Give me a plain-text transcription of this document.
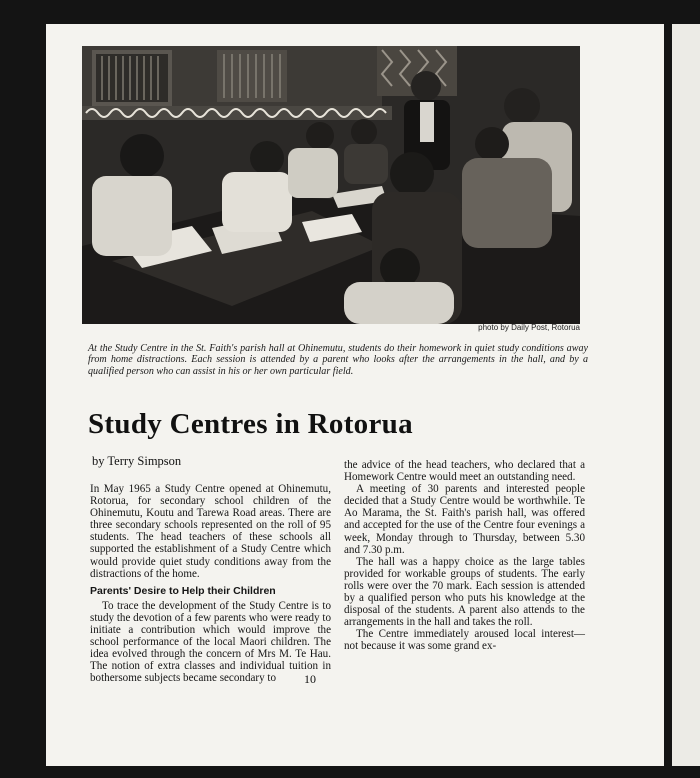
photo by Daily Post, Rotorua
At the Study Centre in the St. Faith's parish hall at Ohinemutu, students do their homework in quiet study conditions away from home distractions. Each session is attended by a parent who looks after the arrangements in the hall, and by a qualified person who can assist in his or her own particular field.
Study Centres in Rotorua
by Terry Simpson

In May 1965 a Study Centre opened at Ohinemutu, Rotorua, for secondary school children of the Ohinemutu, Koutu and Tarewa Road areas. There are three secondary schools represented on the roll of 95 students. The head teachers of these schools all supported the establishment of a Study Centre which would provide quiet study conditions away from the distractions of the home.

Parents' Desire to Help their Children

To trace the development of the Study Centre is to study the devotion of a few parents who were ready to initiate a contribution which would improve the school performance of the local Maori children. The idea evolved through the concern of Mrs M. Te Hau. The notion of extra classes and individual tuition in bothersome subjects became secondary to

the advice of the head teachers, who declared that a Homework Centre would meet an outstanding need.

A meeting of 30 parents and interested people decided that a Study Centre would be worthwhile. Te Ao Marama, the St. Faith's parish hall, was offered and accepted for the use of the Centre four evenings a week, Monday through to Thursday, between 5.30 and 7.30 p.m.

The hall was a happy choice as the large tables provided for workable groups of students. The early rolls were over the 70 mark. Each session is attended by a qualified person who puts his knowledge at the disposal of the students. A parent also attends to the arrangements in the hall and takes the roll.

The Centre immediately aroused local interest—not because it was some grand ex-

10
